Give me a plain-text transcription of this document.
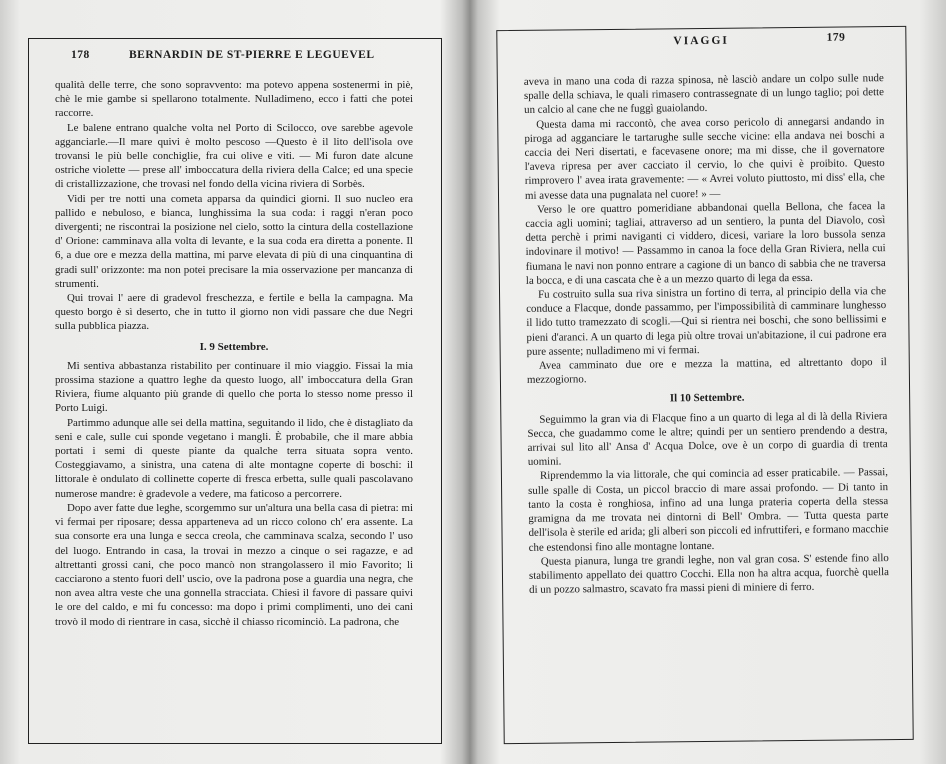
178	BERNARDIN DE ST-PIERRE E LEGUEVEL

qualità delle terre, che sono sopravvento: ma potevo appena sostenermi in piè, chè le mie gambe si spellarono totalmente. Nulladimeno, ecco i fatti che potei raccorre.

Le balene entrano qualche volta nel Porto di Scilocco, ove sarebbe agevole agganciarle.—Il mare quivi è molto pescoso —Questo è il lito dell'isola ove trovansi le più belle conchiglie, fra cui olive e viti. — Mi furon date alcune ostriche violette — prese all' imboccatura della riviera della Calce; ed una specie di cristallizzazione, che trovasi nel fondo della vicina riviera di Sorbès.

Vidi per tre notti una cometa apparsa da quindici giorni. Il suo nucleo era pallido e nebuloso, e bianca, lunghissima la sua coda: i raggi n'eran poco divergenti; ne riscontrai la posizione nel cielo, sotto la cintura della costellazione d' Orione: camminava alla volta di levante, e la sua coda era diretta a ponente. Il 6, a due ore e mezza della mattina, mi parve elevata di più di una cinquantina di gradi sull' orizzonte: ma non potei precisare la mia osservazione per mancanza di strumenti.

Qui trovai l' aere di gradevol freschezza, e fertile e bella la campagna. Ma questo borgo è sì deserto, che in tutto il giorno non vidi passare che due Negri sulla pubblica piazza.

I. 9 Settembre.

Mi sentiva abbastanza ristabilito per continuare il mio viaggio. Fissai la mia prossima stazione a quattro leghe da questo luogo, all' imboccatura della Gran Riviera, fiume alquanto più grande di quello che porta lo stesso nome presso il Porto Luigi.

Partimmo adunque alle sei della mattina, seguitando il lido, che è distagliato da seni e cale, sulle cui sponde vegetano i mangli. È probabile, che il mare abbia portati i semi di queste piante da qualche terra situata sopra vento. Costeggiavamo, a sinistra, una catena di alte montagne coperte di boschi: il littorale è ondulato di collinette coperte di fresca erbetta, sulle quali pascolavano numerose mandre: è gradevole a vedere, ma faticoso a percorrere.

Dopo aver fatte due leghe, scorgemmo sur un'altura una bella casa di pietra: mi vi fermai per riposare; dessa apparteneva ad un ricco colono ch' era assente. La sua consorte era una lunga e secca creola, che camminava scalza, secondo l' uso del luogo. Entrando in casa, la trovai in mezzo a cinque o sei ragazze, e ad altrettanti grossi cani, che poco mancò non strangolassero il mio Favorito; li cacciarono a stento fuori dell' uscio, ove la padrona pose a guardia una negra, che non avea altra veste che una gonnella stracciata. Chiesi il favore di passare quivi le ore del caldo, e mi fu concesso: ma dopo i primi complimenti, uno dei cani trovò il modo di rientrare in casa, sicchè il chiasso ricominciò. La padrona, che

VIAGGI	179

aveva in mano una coda di razza spinosa, nè lasciò andare un colpo sulle nude spalle della schiava, le quali rimasero contrassegnate di un lungo taglio; poi dette un calcio al cane che ne fuggì guaiolando.

Questa dama mi raccontò, che avea corso pericolo di annegarsi andando in piroga ad agganciare le tartarughe sulle secche vicine: ella andava nei boschi a caccia dei Neri disertati, e facevasene onore; ma mi disse, che il governatore l'aveva ripresa per aver cacciato il cervio, lo che quivi è proibito. Questo rimprovero l' avea irata gravemente: — « Avrei voluto piuttosto, mi diss' ella, che mi avesse data una pugnalata nel cuore! » —

Verso le ore quattro pomeridiane abbandonai quella Bellona, che facea la caccia agli uomini; tagliai, attraverso ad un sentiero, la punta del Diavolo, così detta perchè i primi naviganti ci viddero, dicesi, variare la loro bussola senza indovinare il motivo! — Passammo in canoa la foce della Gran Riviera, nella cui fiumana le navi non ponno entrare a cagione di un banco di sabbia che ne traversa la bocca, e di una cascata che è a un mezzo quarto di lega da essa.

Fu costruito sulla sua riva sinistra un fortino di terra, al principio della via che conduce a Flacque, donde passammo, per l'impossibilità di camminare lunghesso il lido tutto tramezzato di scogli.—Qui si rientra nei boschi, che sono bellissimi e pieni d'aranci. A un quarto di lega più oltre trovai un'abitazione, il cui padrone era pure assente; nulladimeno mi vi fermai.

Avea camminato due ore e mezza la mattina, ed altrettanto dopo il mezzogiorno.

Il 10 Settembre.

Seguimmo la gran via di Flacque fino a un quarto di lega al di là della Riviera Secca, che guadammo come le altre; quindi per un sentiero prendendo a destra, arrivai sul lito all' Ansa d' Acqua Dolce, ove è un corpo di guardia di trenta uomini.

Riprendemmo la via littorale, che qui comincia ad esser praticabile. — Passai, sulle spalle di Costa, un piccol braccio di mare assai profondo. — Di tanto in tanto la costa è ronghiosa, infino ad una lunga prateria coperta della stessa gramigna da me trovata nei dintorni di Bell' Ombra. — Tutta questa parte dell'isola è sterile ed arida; gli alberi son piccoli ed infruttiferi, e formano macchie che estendonsi fino alle montagne lontane.

Questa pianura, lunga tre grandi leghe, non val gran cosa. S' estende fino allo stabilimento appellato dei quattro Cocchi. Ella non ha altra acqua, fuorchè quella di un pozzo salmastro, scavato fra massi pieni di miniere di ferro.
